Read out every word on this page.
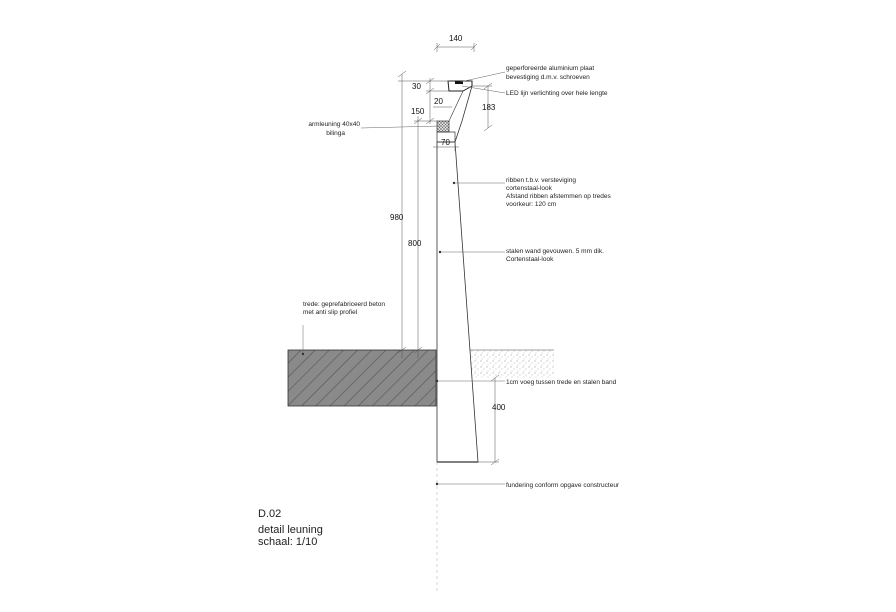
140
30
20
150	183
70
980
800
400
geperforeerde aluminium plaat
bevestiging d.m.v. schroeven
LED lijn verlichting over hele lengte
armleuning 40x40
bilinga
ribben t.b.v. versteviging
cortenstaal-look
Afstand ribben afstemmen op tredes
voorkeur: 120 cm
stalen wand gevouwen. 5 mm dik.
Cortenstaal-look
trede: geprefabriceerd beton
met anti slip profiel
1cm voeg tussen trede en stalen band
fundering conform opgave constructeur
D.02
detail leuning
schaal: 1/10
